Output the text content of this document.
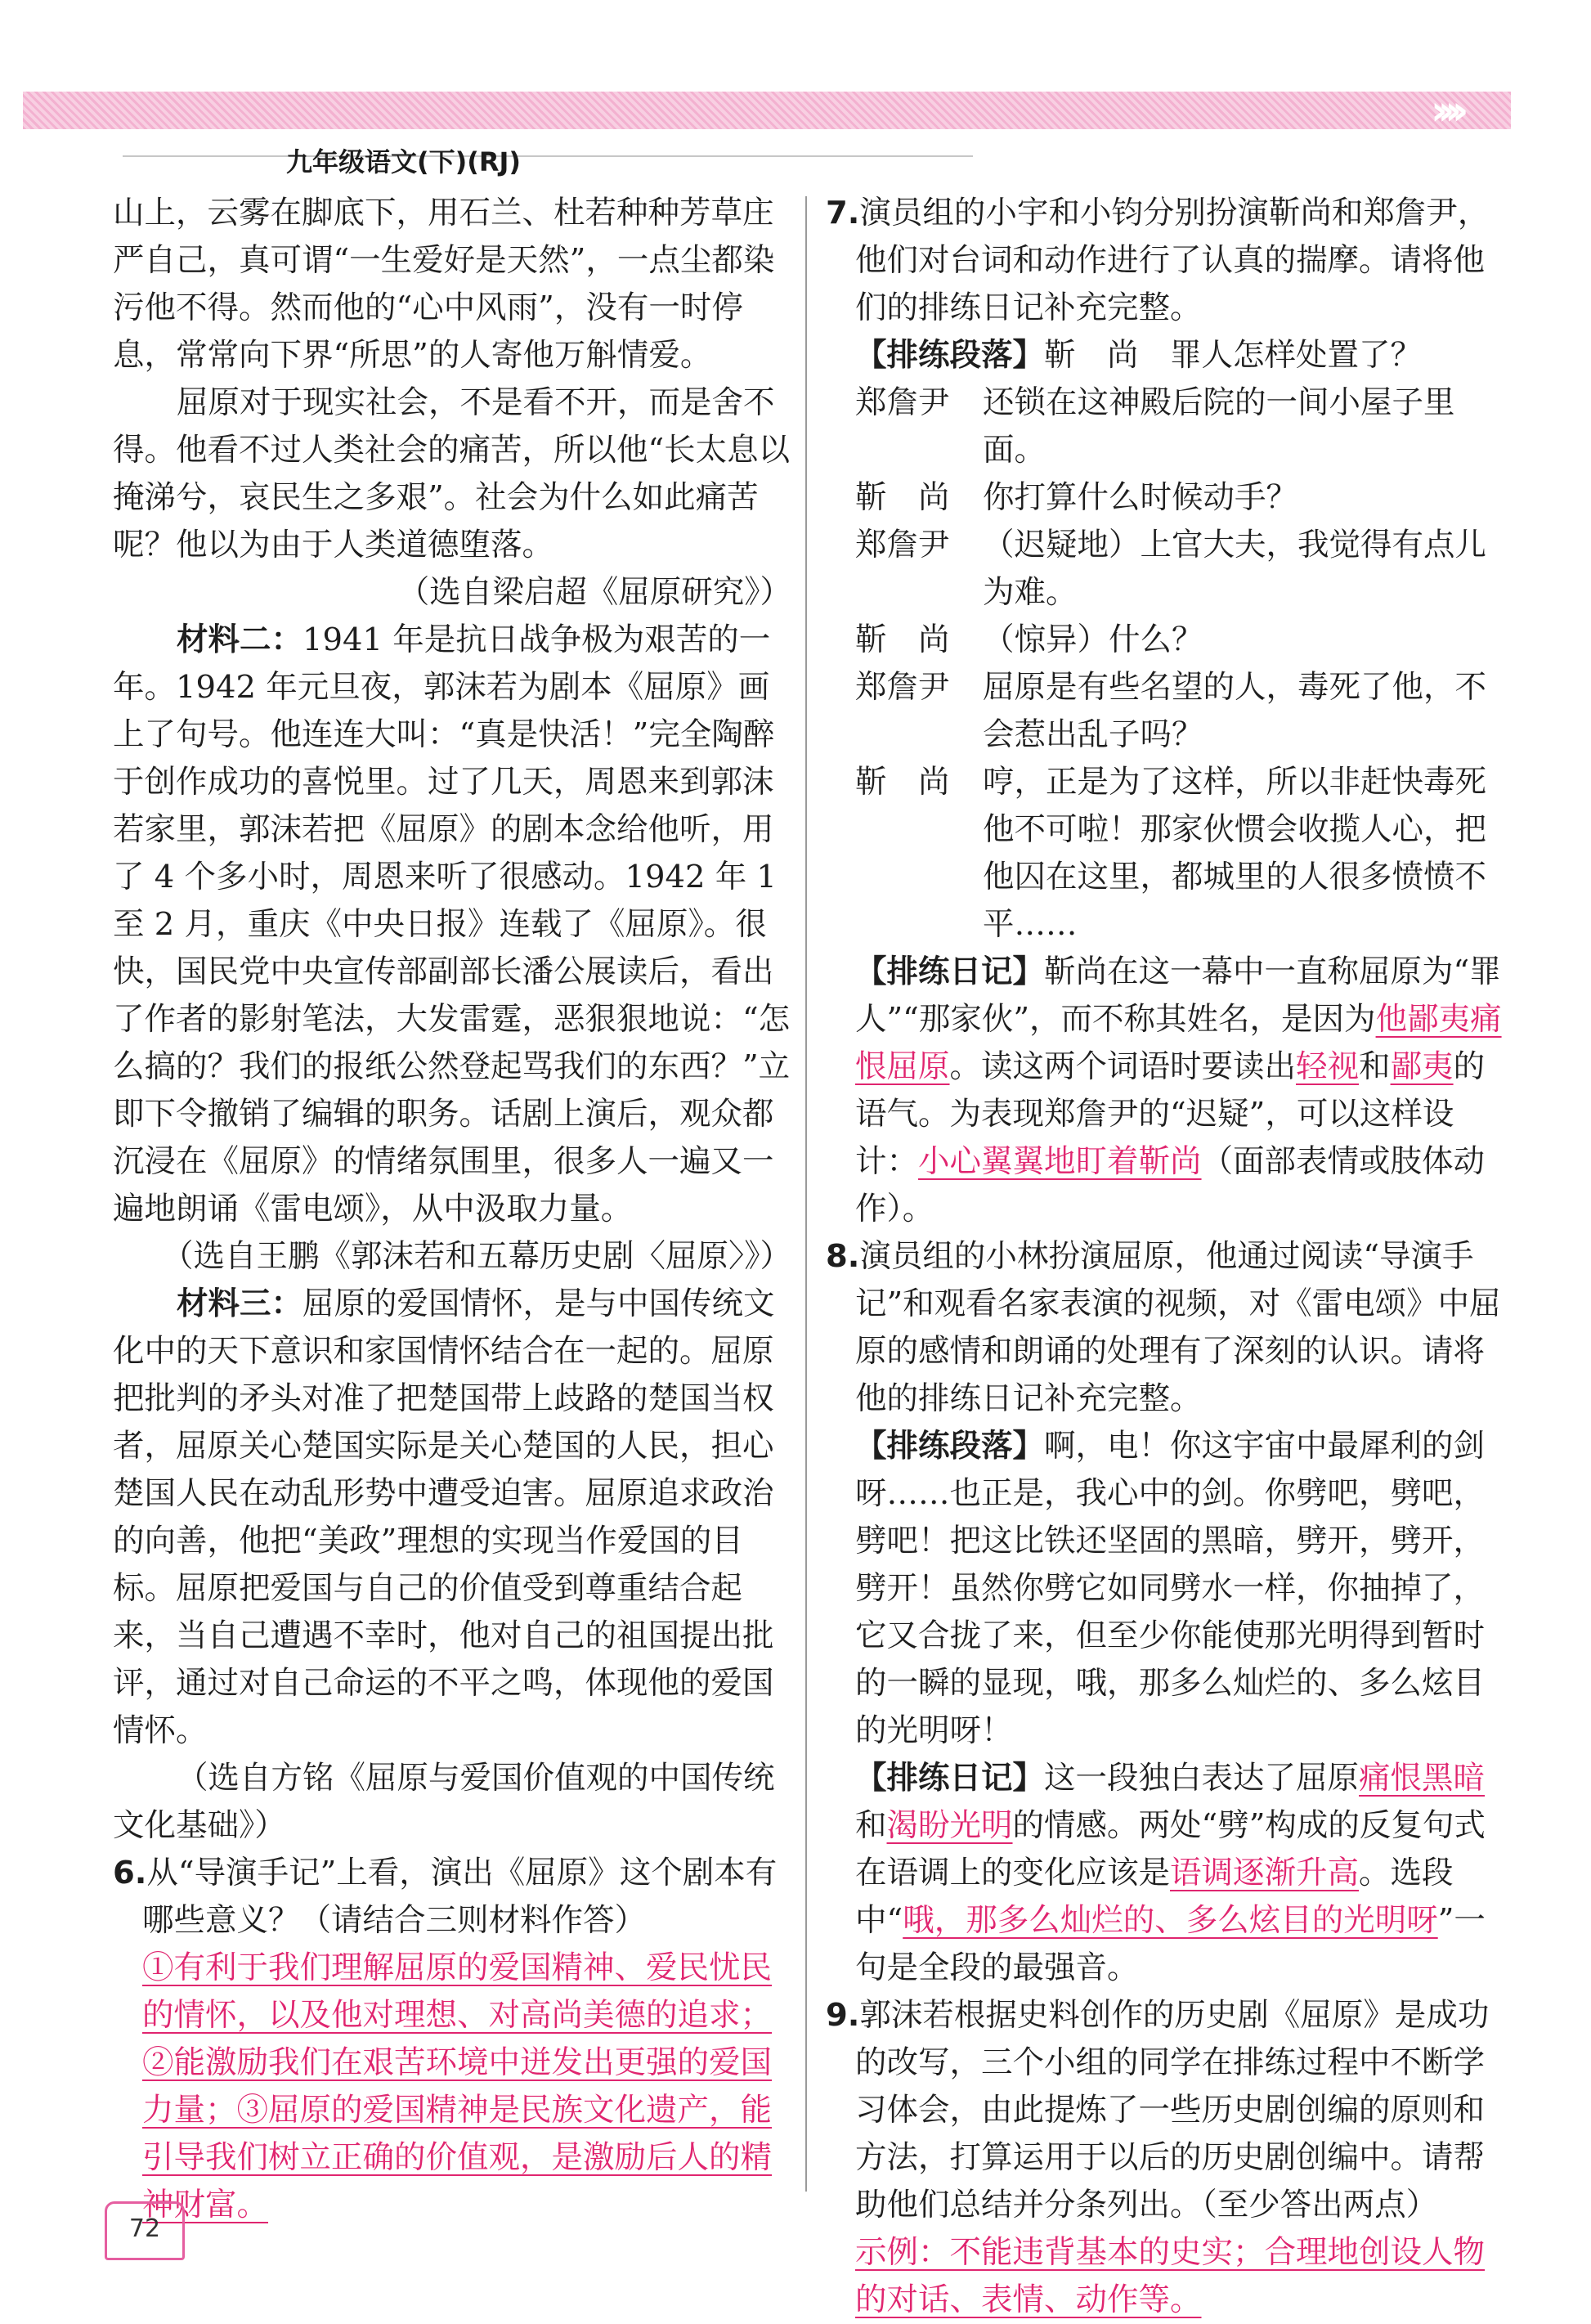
››››
九年级语文(下)(RJ)

山上，云雾在脚底下，用石兰、杜若种种芳草庄严自己，真可谓“一生爱好是天然”，一点尘都染污他不得。然而他的“心中风雨”，没有一时停息，常常向下界“所思”的人寄他万斛情爱。

屈原对于现实社会，不是看不开，而是舍不得。他看不过人类社会的痛苦，所以他“长太息以掩涕兮，哀民生之多艰”。社会为什么如此痛苦呢？他以为由于人类道德堕落。

（选自梁启超《屈原研究》）

材料二：1941 年是抗日战争极为艰苦的一年。1942 年元旦夜，郭沫若为剧本《屈原》画上了句号。他连连大叫：“真是快活！”完全陶醉于创作成功的喜悦里。过了几天，周恩来到郭沫若家里，郭沫若把《屈原》的剧本念给他听，用了 4 个多小时，周恩来听了很感动。1942 年 1 至 2 月，重庆《中央日报》连载了《屈原》。很快，国民党中央宣传部副部长潘公展读后，看出了作者的影射笔法，大发雷霆，恶狠狠地说：“怎么搞的？我们的报纸公然登起骂我们的东西？”立即下令撤销了编辑的职务。话剧上演后，观众都沉浸在《屈原》的情绪氛围里，很多人一遍又一遍地朗诵《雷电颂》，从中汲取力量。

（选自王鹏《郭沫若和五幕历史剧〈屈原〉》）

材料三：屈原的爱国情怀，是与中国传统文化中的天下意识和家国情怀结合在一起的。屈原把批判的矛头对准了把楚国带上歧路的楚国当权者，屈原关心楚国实际是关心楚国的人民，担心楚国人民在动乱形势中遭受迫害。屈原追求政治的向善，他把“美政”理想的实现当作爱国的目标。屈原把爱国与自己的价值受到尊重结合起来，当自己遭遇不幸时，他对自己的祖国提出批评，通过对自己命运的不平之鸣，体现他的爱国情怀。

（选自方铭《屈原与爱国价值观的中国传统文化基础》）

6.从“导演手记”上看，演出《屈原》这个剧本有哪些意义？（请结合三则材料作答）

①有利于我们理解屈原的爱国精神、爱民忧民的情怀，以及他对理想、对高尚美德的追求；②能激励我们在艰苦环境中迸发出更强的爱国力量；③屈原的爱国精神是民族文化遗产，能引导我们树立正确的价值观，是激励后人的精神财富。

7.演员组的小宇和小钧分别扮演靳尚和郑詹尹，他们对台词和动作进行了认真的揣摩。请将他们的排练日记补充完整。

【排练段落】靳　尚　罪人怎样处置了？

郑詹尹	还锁在这神殿后院的一间小屋子里面。
靳　尚	你打算什么时候动手？
郑詹尹	（迟疑地）上官大夫，我觉得有点儿为难。
靳　尚	（惊异）什么？
郑詹尹	屈原是有些名望的人，毒死了他，不会惹出乱子吗？
靳　尚	哼，正是为了这样，所以非赶快毒死他不可啦！那家伙惯会收揽人心，把他囚在这里，都城里的人很多愤愤不平……

【排练日记】靳尚在这一幕中一直称屈原为“罪人”“那家伙”，而不称其姓名，是因为他鄙夷痛恨屈原。读这两个词语时要读出轻视和鄙夷的语气。为表现郑詹尹的“迟疑”，可以这样设计：小心翼翼地盯着靳尚（面部表情或肢体动作）。

8.演员组的小林扮演屈原，他通过阅读“导演手记”和观看名家表演的视频，对《雷电颂》中屈原的感情和朗诵的处理有了深刻的认识。请将他的排练日记补充完整。

【排练段落】啊，电！你这宇宙中最犀利的剑呀……也正是，我心中的剑。你劈吧，劈吧，劈吧！把这比铁还坚固的黑暗，劈开，劈开，劈开！虽然你劈它如同劈水一样，你抽掉了，它又合拢了来，但至少你能使那光明得到暂时的一瞬的显现，哦，那多么灿烂的、多么炫目的光明呀！

【排练日记】这一段独白表达了屈原痛恨黑暗和渴盼光明的情感。两处“劈”构成的反复句式在语调上的变化应该是语调逐渐升高。选段中“哦，那多么灿烂的、多么炫目的光明呀”一句是全段的最强音。

9.郭沫若根据史料创作的历史剧《屈原》是成功的改写，三个小组的同学在排练过程中不断学习体会，由此提炼了一些历史剧创编的原则和方法，打算运用于以后的历史剧创编中。请帮助他们总结并分条列出。（至少答出两点）

示例：不能违背基本的史实；合理地创设人物的对话、表情、动作等。

72
